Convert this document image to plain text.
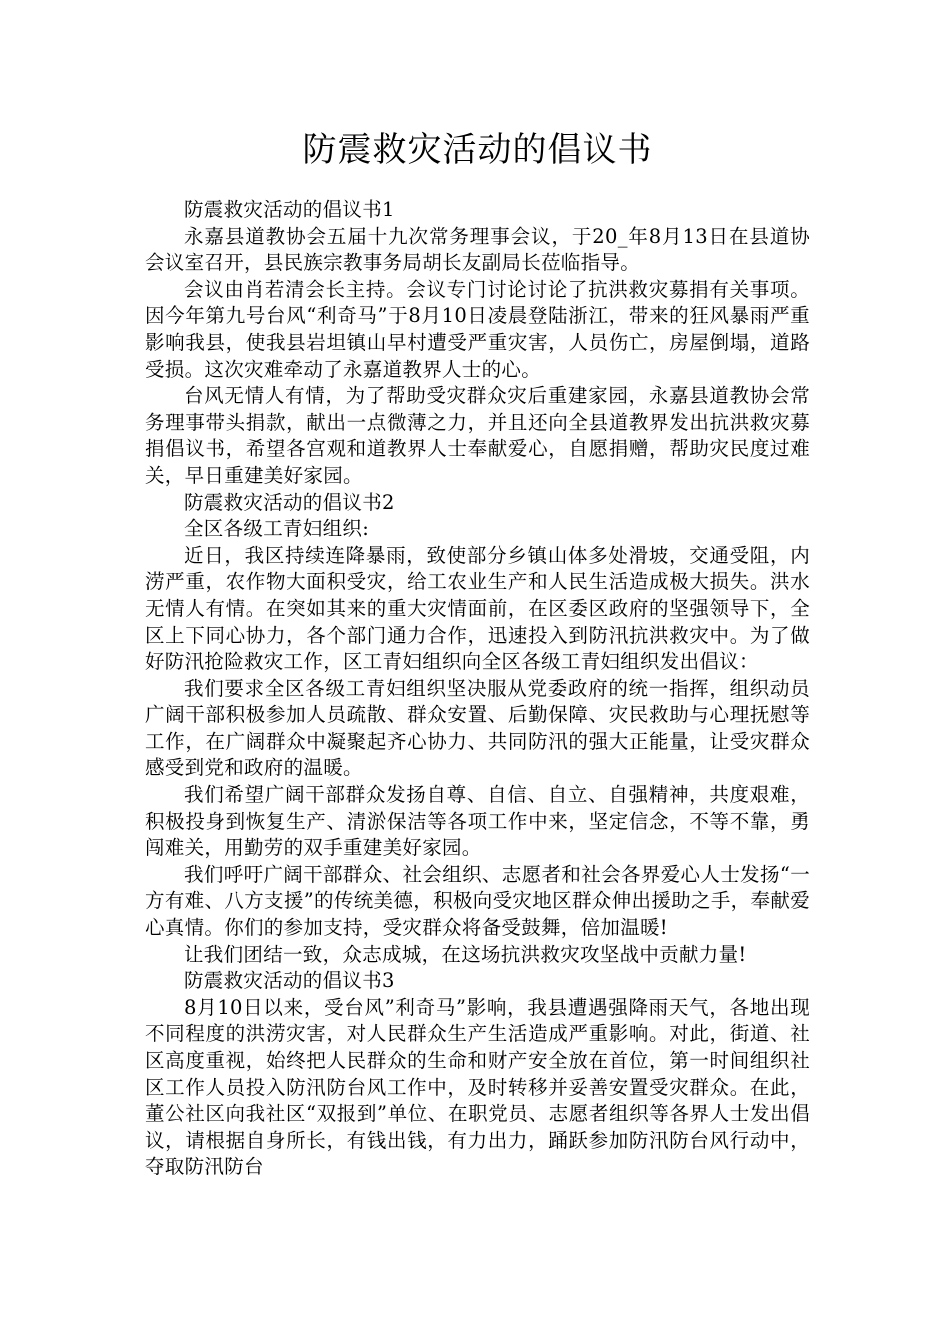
防震救灾活动的倡议书

防震救灾活动的倡议书1

永嘉县道教协会五届十九次常务理事会议，于20_年8月13日在县道协会议室召开，县民族宗教事务局胡长友副局长莅临指导。

会议由肖若清会长主持。会议专门讨论讨论了抗洪救灾募捐有关事项。因今年第九号台风“利奇马”于8月10日凌晨登陆浙江，带来的狂风暴雨严重影响我县，使我县岩坦镇山早村遭受严重灾害，人员伤亡，房屋倒塌，道路受损。这次灾难牵动了永嘉道教界人士的心。

台风无情人有情，为了帮助受灾群众灾后重建家园，永嘉县道教协会常务理事带头捐款，献出一点微薄之力，并且还向全县道教界发出抗洪救灾募捐倡议书，希望各宫观和道教界人士奉献爱心，自愿捐赠，帮助灾民度过难关，早日重建美好家园。

防震救灾活动的倡议书2

全区各级工青妇组织:

近日，我区持续连降暴雨，致使部分乡镇山体多处滑坡，交通受阻，内涝严重，农作物大面积受灾，给工农业生产和人民生活造成极大损失。洪水无情人有情。在突如其来的重大灾情面前，在区委区政府的坚强领导下，全区上下同心协力，各个部门通力合作，迅速投入到防汛抗洪救灾中。为了做好防汛抢险救灾工作，区工青妇组织向全区各级工青妇组织发出倡议：

我们要求全区各级工青妇组织坚决服从党委政府的统一指挥，组织动员广阔干部积极参加人员疏散、群众安置、后勤保障、灾民救助与心理抚慰等工作，在广阔群众中凝聚起齐心协力、共同防汛的强大正能量，让受灾群众感受到党和政府的温暖。

我们希望广阔干部群众发扬自尊、自信、自立、自强精神，共度艰难，积极投身到恢复生产、清淤保洁等各项工作中来，坚定信念，不等不靠，勇闯难关，用勤劳的双手重建美好家园。

我们呼吁广阔干部群众、社会组织、志愿者和社会各界爱心人士发扬“一方有难、八方支援”的传统美德，积极向受灾地区群众伸出援助之手，奉献爱心真情。你们的参加支持，受灾群众将备受鼓舞，倍加温暖!

让我们团结一致，众志成城，在这场抗洪救灾攻坚战中贡献力量!

防震救灾活动的倡议书3

8月10日以来，受台风”利奇马”影响，我县遭遇强降雨天气，各地出现不同程度的洪涝灾害，对人民群众生产生活造成严重影响。对此，街道、社区高度重视，始终把人民群众的生命和财产安全放在首位，第一时间组织社区工作人员投入防汛防台风工作中，及时转移并妥善安置受灾群众。在此，董公社区向我社区“双报到”单位、在职党员、志愿者组织等各界人士发出倡议，请根据自身所长，有钱出钱，有力出力，踊跃参加防汛防台风行动中，夺取防汛防台
